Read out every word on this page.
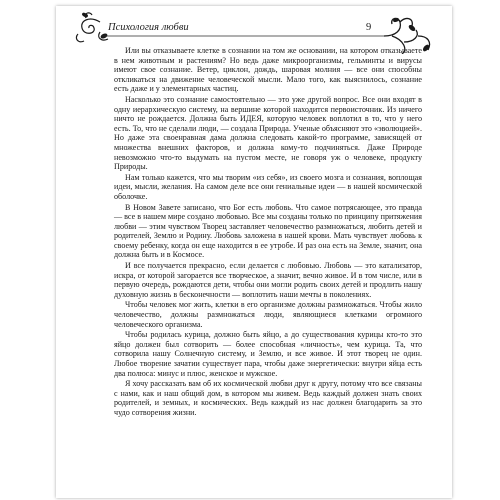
Психология любви	9

Или вы отказываете клетке в сознании на том же основании, на котором отказываете в нем животным и растениям? Но ведь даже микроорганизмы, гельминты и вирусы имеют свое сознание. Ветер, циклон, дождь, шаровая молния — все они способны откликаться на движение человеческой мысли. Мало того, как выяснилось, сознание есть даже и у элементарных частиц.

Насколько это сознание самостоятельно — это уже другой вопрос. Все они входят в одну иерархическую систему, на вершине которой находится первоисточник. Из ничего ничто не рождается. Должна быть ИДЕЯ, которую человек воплотил в то, что у него есть. То, что не сделали люди, — создала Природа. Ученые объясняют это «эволюцией». Но даже эта своенравная дама должна следовать какой-то программе, зависящей от множества внешних факторов, и должна кому-то подчиняться. Даже Природе невозможно что-то выдумать на пустом месте, не говоря уж о человеке, продукту Природы.

Нам только кажется, что мы творим «из себя», из своего мозга и сознания, воплощая идеи, мысли, желания. На самом деле все они гениальные идеи — в нашей космической оболочке.

В Новом Завете записано, что Бог есть любовь. Что самое потрясающее, это правда — все в нашем мире создано любовью. Все мы созданы только по принципу притяжения любви — этим чувством Творец заставляет человечество размножаться, любить детей и родителей, Землю и Родину. Любовь заложена в нашей крови. Мать чувствует любовь к своему ребенку, когда он еще находится в ее утробе. И раз она есть на Земле, значит, она должна быть и в Космосе.

И все получается прекрасно, если делается с любовью. Любовь — это катализатор, искра, от которой загорается все творческое, а значит, вечно живое. И в том числе, или в первую очередь, рождаются дети, чтобы они могли родить своих детей и продлить нашу духовную жизнь в бесконечности — воплотить наши мечты в поколениях.

Чтобы человек мог жить, клетки в его организме должны размножаться. Чтобы жило человечество, должны размножаться люди, являющиеся клетками огромного человеческого организма.

Чтобы родилась курица, должно быть яйцо, а до существования курицы кто-то это яйцо должен был сотворить — более способная «личность», чем курица. Та, что сотворила нашу Солнечную систему, и Землю, и все живое. И этот творец не один. Любое творение зачатии существует пара, чтобы даже энергетически: внутри яйца есть два полюса: минус и плюс, женское и мужское.

Я хочу рассказать вам об их космической любви друг к другу, потому что все связаны с нами, как и наш общий дом, в котором мы живем. Ведь каждый должен знать своих родителей, и земных, и космических. Ведь каждый из нас должен благодарить за это чудо сотворения жизни.
